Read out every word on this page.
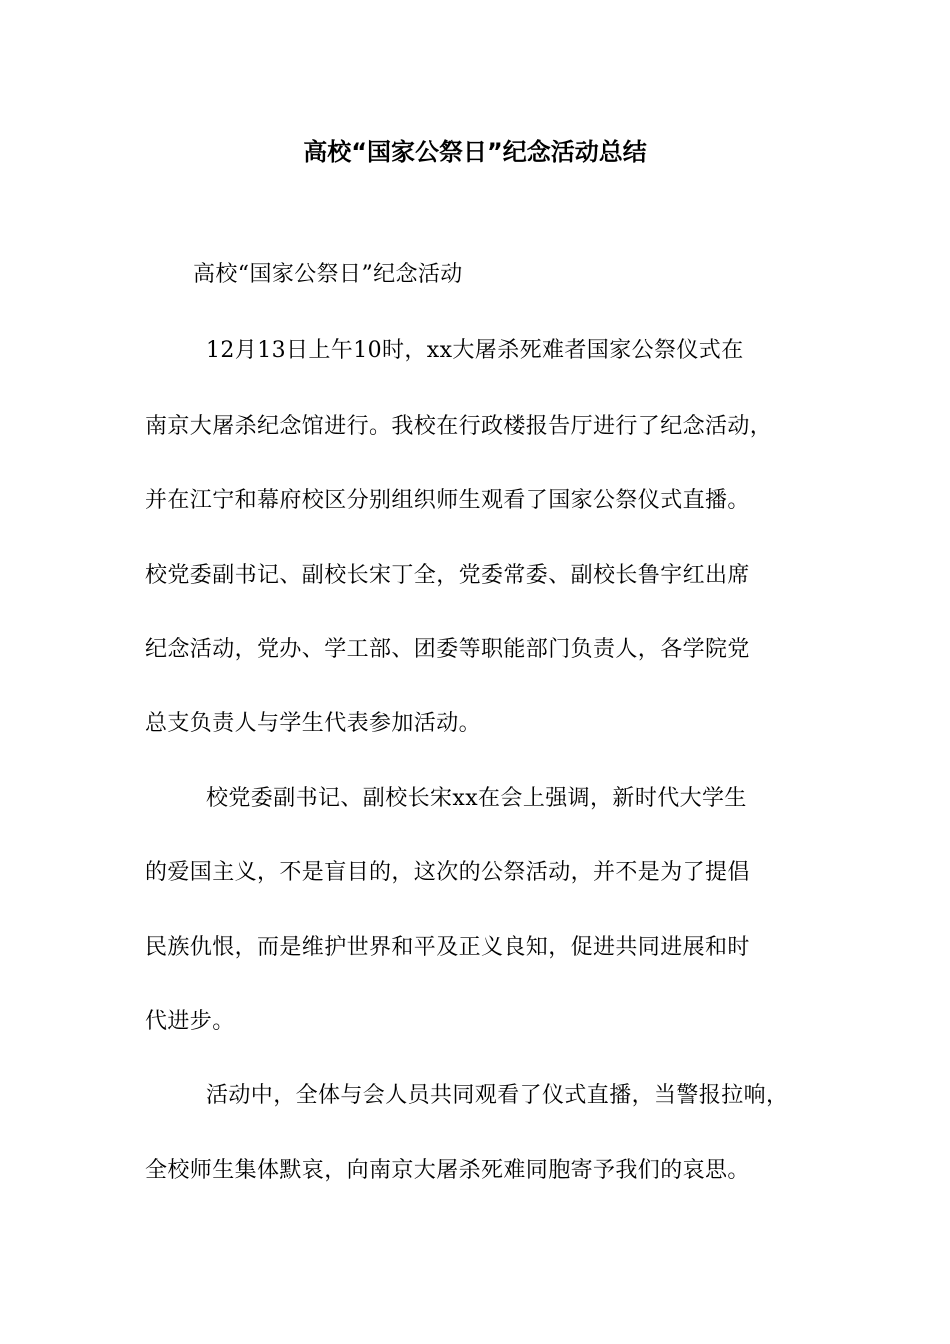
高校“国家公祭日”纪念活动总结
高校“国家公祭日”纪念活动
12月13日上午10时，xx大屠杀死难者国家公祭仪式在
南京大屠杀纪念馆进行。我校在行政楼报告厅进行了纪念活动，
并在江宁和幕府校区分别组织师生观看了国家公祭仪式直播。
校党委副书记、副校长宋丁全，党委常委、副校长鲁宇红出席
纪念活动，党办、学工部、团委等职能部门负责人，各学院党
总支负责人与学生代表参加活动。
校党委副书记、副校长宋xx在会上强调，新时代大学生
的爱国主义，不是盲目的，这次的公祭活动，并不是为了提倡
民族仇恨，而是维护世界和平及正义良知，促进共同进展和时
代进步。
活动中，全体与会人员共同观看了仪式直播，当警报拉响，
全校师生集体默哀，向南京大屠杀死难同胞寄予我们的哀思。
